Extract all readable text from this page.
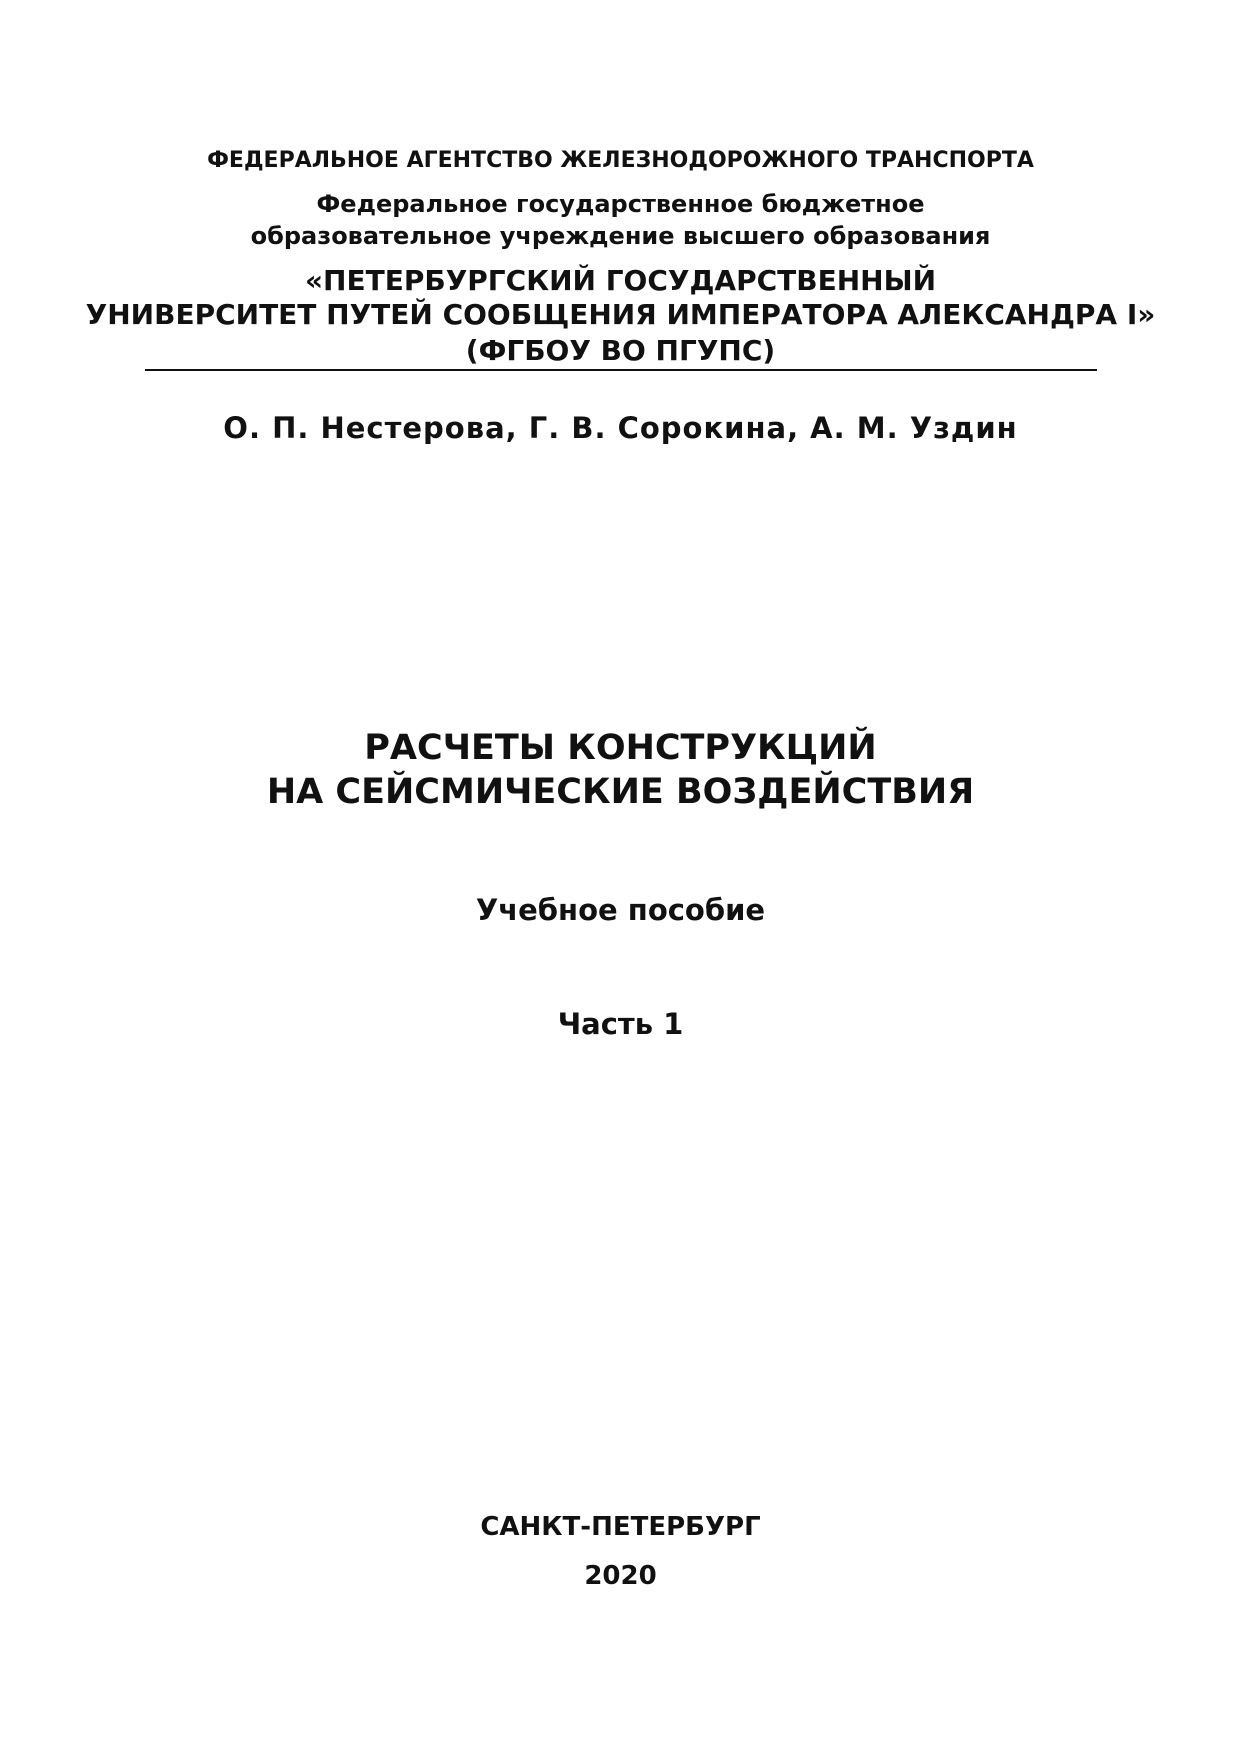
ФЕДЕРАЛЬНОЕ АГЕНТСТВО ЖЕЛЕЗНОДОРОЖНОГО ТРАНСПОРТА
Федеральное государственное бюджетное
образовательное учреждение высшего образования
«ПЕТЕРБУРГСКИЙ ГОСУДАРСТВЕННЫЙ
УНИВЕРСИТЕТ ПУТЕЙ СООБЩЕНИЯ ИМПЕРАТОРА АЛЕКСАНДРА I»
(ФГБОУ ВО ПГУПС)
О. П. Нестерова, Г. В. Сорокина, А. М. Уздин
РАСЧЕТЫ КОНСТРУКЦИЙ
НА СЕЙСМИЧЕСКИЕ ВОЗДЕЙСТВИЯ
Учебное пособие
Часть 1
САНКТ-ПЕТЕРБУРГ
2020
